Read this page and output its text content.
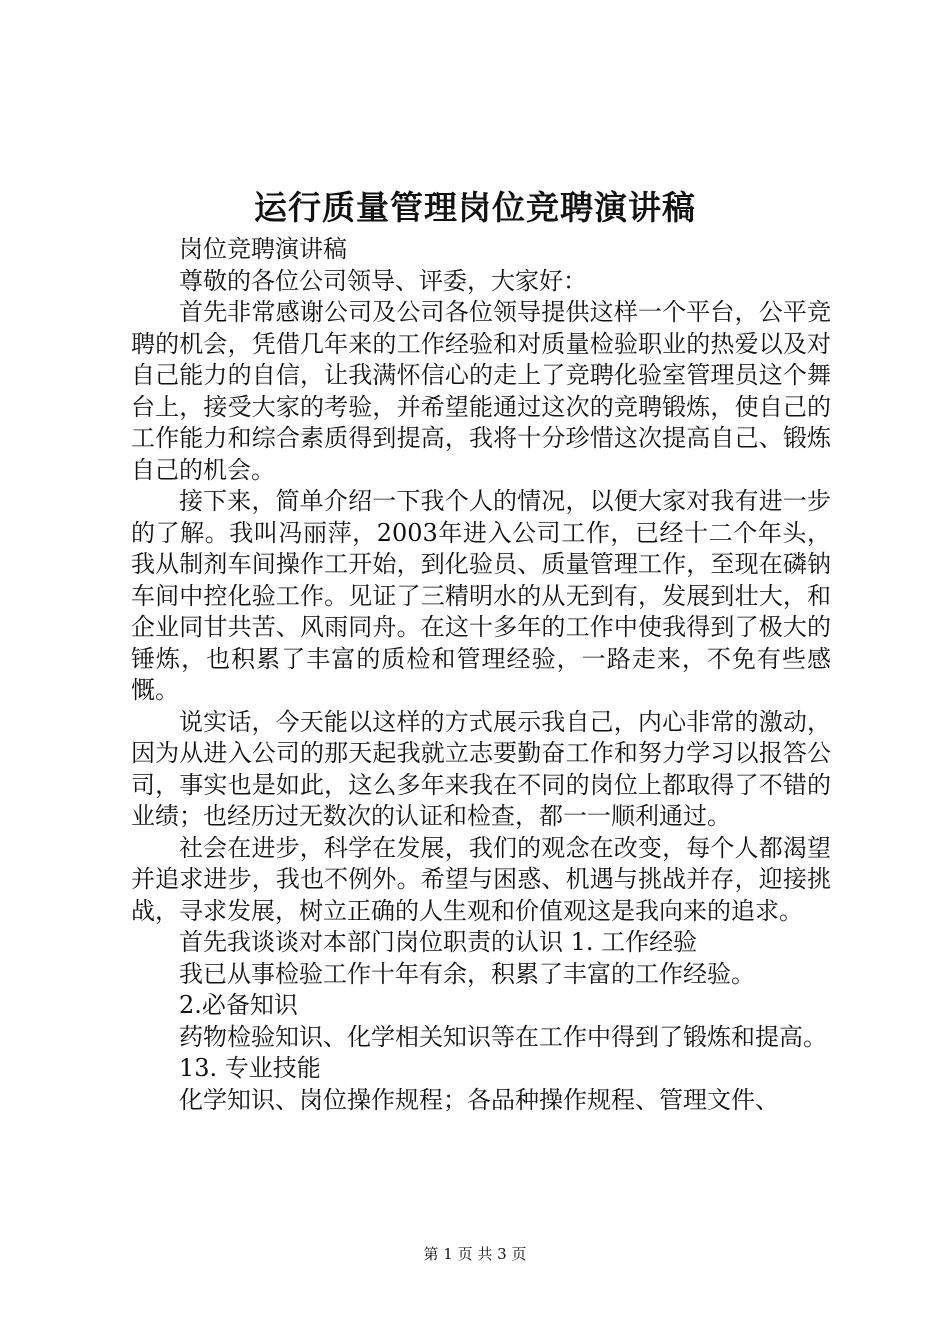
运行质量管理岗位竞聘演讲稿

岗位竞聘演讲稿

尊敬的各位公司领导、评委，大家好：

首先非常感谢公司及公司各位领导提供这样一个平台，公平竞聘的机会，凭借几年来的工作经验和对质量检验职业的热爱以及对自己能力的自信，让我满怀信心的走上了竞聘化验室管理员这个舞台上，接受大家的考验，并希望能通过这次的竞聘锻炼，使自己的工作能力和综合素质得到提高，我将十分珍惜这次提高自己、锻炼自己的机会。

接下来，简单介绍一下我个人的情况，以便大家对我有进一步的了解。我叫冯丽萍，2003年进入公司工作，已经十二个年头，我从制剂车间操作工开始，到化验员、质量管理工作，至现在磷钠车间中控化验工作。见证了三精明水的从无到有，发展到壮大，和企业同甘共苦、风雨同舟。在这十多年的工作中使我得到了极大的锤炼，也积累了丰富的质检和管理经验，一路走来，不免有些感慨。

说实话，今天能以这样的方式展示我自己，内心非常的激动，因为从进入公司的那天起我就立志要勤奋工作和努力学习以报答公司，事实也是如此，这么多年来我在不同的岗位上都取得了不错的业绩；也经历过无数次的认证和检查，都一一顺利通过。

社会在进步，科学在发展，我们的观念在改变，每个人都渴望并追求进步，我也不例外。希望与困惑、机遇与挑战并存，迎接挑战，寻求发展，树立正确的人生观和价值观这是我向来的追求。

首先我谈谈对本部门岗位职责的认识 1. 工作经验

我已从事检验工作十年有余，积累了丰富的工作经验。

2.必备知识

药物检验知识、化学相关知识等在工作中得到了锻炼和提高。

13. 专业技能

化学知识、岗位操作规程；各品种操作规程、管理文件、

第 1 页 共 3 页
